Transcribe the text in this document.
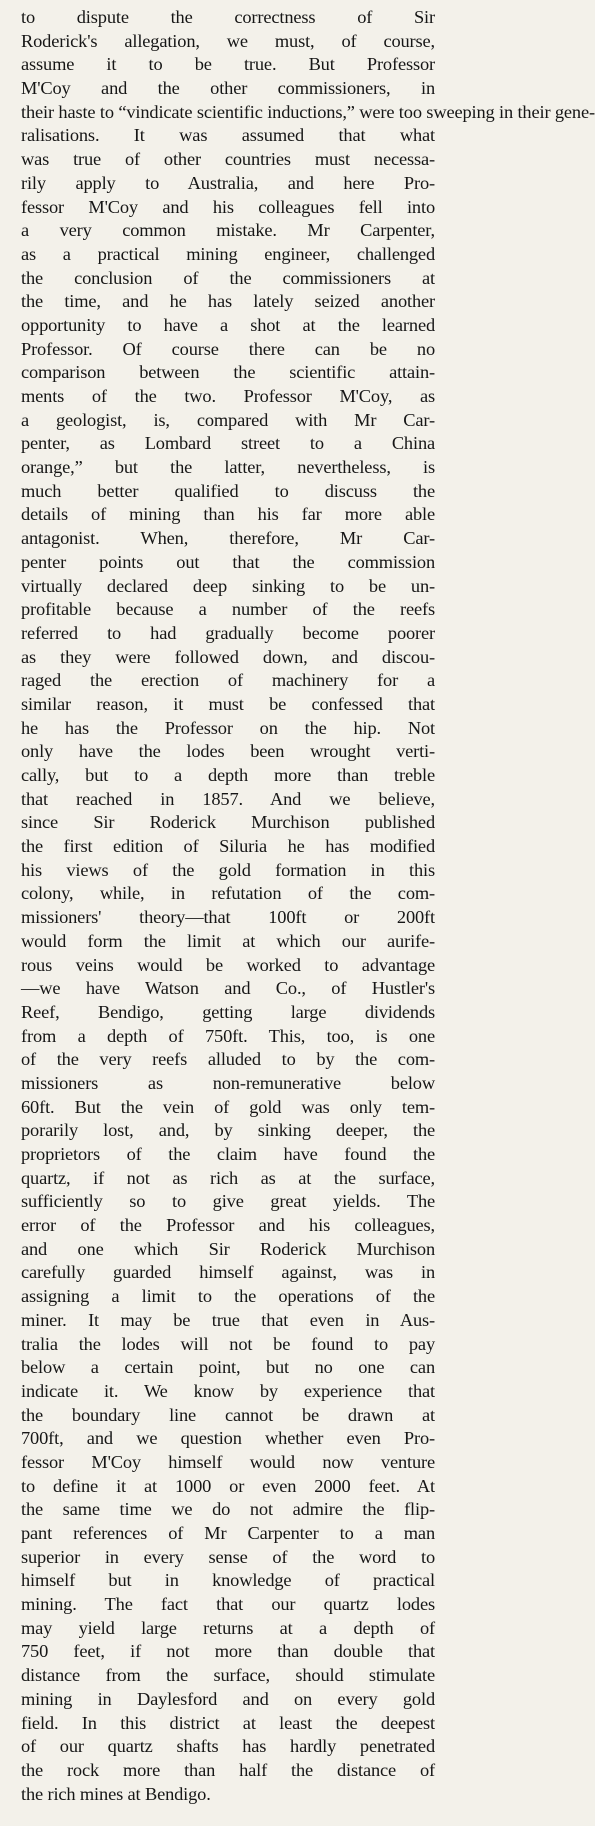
to dispute the correctness of Sir
Roderick's allegation, we must, of course,
assume it to be true. But Professor
M'Coy and the other commissioners, in
their haste to “vindicate scientific inductions,” were too sweeping in their gene-
ralisations. It was assumed that what
was true of other countries must necessa-
rily apply to Australia, and here Pro-
fessor M'Coy and his colleagues fell into
a very common mistake. Mr Carpenter,
as a practical mining engineer, challenged
the conclusion of the commissioners at
the time, and he has lately seized another
opportunity to have a shot at the learned
Professor. Of course there can be no
comparison between the scientific attain-
ments of the two. Professor M'Coy, as
a geologist, is, compared with Mr Car-
penter, as Lombard street to a China
orange,” but the latter, nevertheless, is
much better qualified to discuss the
details of mining than his far more able
antagonist. When, therefore, Mr Car-
penter points out that the commission
virtually declared deep sinking to be un-
profitable because a number of the reefs
referred to had gradually become poorer
as they were followed down, and discou-
raged the erection of machinery for a
similar reason, it must be confessed that
he has the Professor on the hip. Not
only have the lodes been wrought verti-
cally, but to a depth more than treble
that reached in 1857. And we believe,
since Sir Roderick Murchison published
the first edition of Siluria he has modified
his views of the gold formation in this
colony, while, in refutation of the com-
missioners' theory—that 100ft or 200ft
would form the limit at which our aurife-
rous veins would be worked to advantage
—we have Watson and Co., of Hustler's
Reef, Bendigo, getting large dividends
from a depth of 750ft. This, too, is one
of the very reefs alluded to by the com-
missioners as non-remunerative below
60ft. But the vein of gold was only tem-
porarily lost, and, by sinking deeper, the
proprietors of the claim have found the
quartz, if not as rich as at the surface,
sufficiently so to give great yields. The
error of the Professor and his colleagues,
and one which Sir Roderick Murchison
carefully guarded himself against, was in
assigning a limit to the operations of the
miner. It may be true that even in Aus-
tralia the lodes will not be found to pay
below a certain point, but no one can
indicate it. We know by experience that
the boundary line cannot be drawn at
700ft, and we question whether even Pro-
fessor M'Coy himself would now venture
to define it at 1000 or even 2000 feet. At
the same time we do not admire the flip-
pant references of Mr Carpenter to a man
superior in every sense of the word to
himself but in knowledge of practical
mining. The fact that our quartz lodes
may yield large returns at a depth of
750 feet, if not more than double that
distance from the surface, should stimulate
mining in Daylesford and on every gold
field. In this district at least the deepest
of our quartz shafts has hardly penetrated
the rock more than half the distance of
the rich mines at Bendigo.
